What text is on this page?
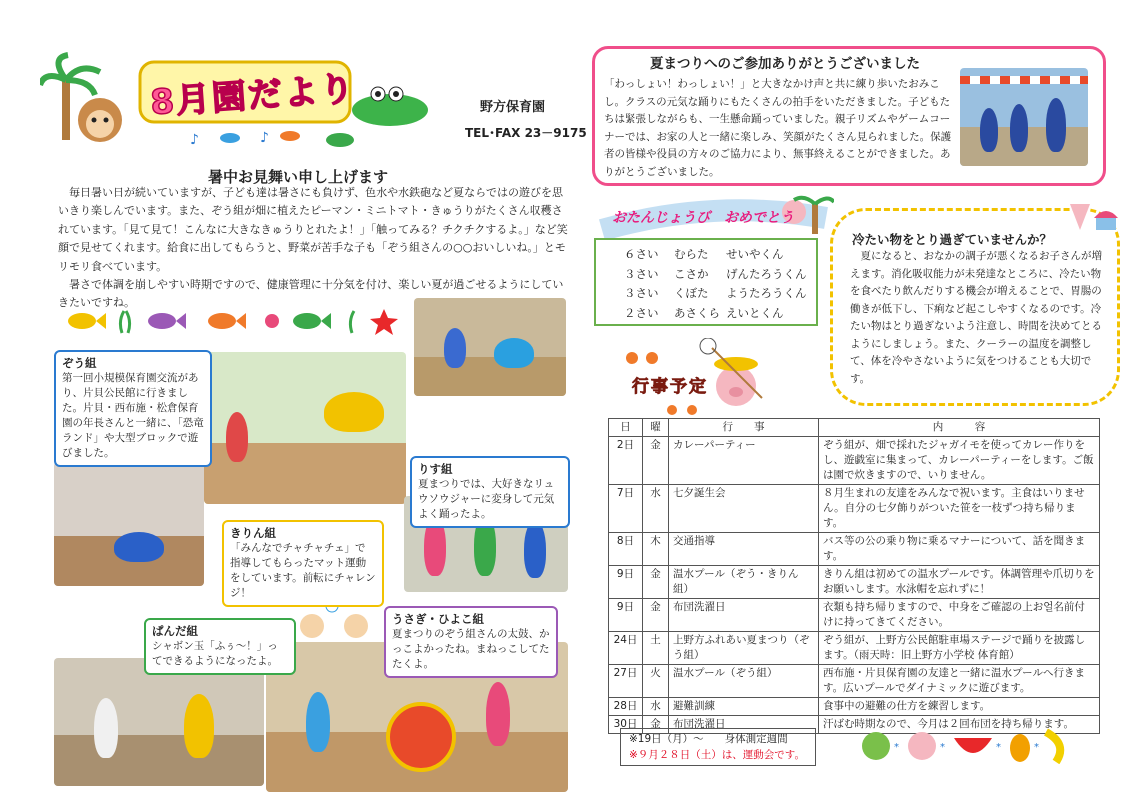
♪
♪
8月園だより	野方保育園
TEL･FAX 23－9175
暑中お見舞い申し上げます

毎日暑い日が続いていますが、子ども達は暑さにも負けず、色水や水鉄砲など夏ならではの遊びを思いきり楽しんでいます。また、ぞう組が畑に植えたピーマン・ミニトマト・きゅうりがたくさん収穫されています。「見て見て！こんなに大きなきゅうりとれたよ！」「触ってみる？チクチクするよ。」など笑顔で見せてくれます。給食に出してもらうと、野菜が苦手な子も「ぞう組さんの○○おいしいね。」とモリモリ食べています。

暑さで体調を崩しやすい時期ですので、健康管理に十分気を付け、楽しい夏が過ごせるようにしていきたいですね。

ぞう組
第一回小規模保育園交流があり、片貝公民館に行きました。片貝・西布施・松倉保育園の年長さんと一緒に、「恐竜ランド」や大型ブロックで遊びました。
りす組
夏まつりでは、大好きなリュウソウジャーに変身して元気よく踊ったよ。
きりん組
「みんなでチャチャチェ」で指導してもらったマット運動をしています。前転にチャレンジ！
ぱんだ組
シャボン玉「ふぅ～！」ってできるようになったよ。
うさぎ・ひよこ組
夏まつりのぞう組さんの太鼓、かっこよかったね。まねっこしてたたくよ。
夏まつりへのご参加ありがとうございました
「わっしょい！わっしょい！」と大きなかけ声と共に練り歩いたおみこし。クラスの元気な踊りにもたくさんの拍手をいただきました。子どもたちは緊張しながらも、一生懸命踊っていました。親子リズムやゲームコーナーでは、お家の人と一緒に楽しみ、笑顔がたくさん見られました。保護者の皆様や役員の方々のご協力により、無事終えることができました。ありがとうございました。
おたんじょうび　おめでとう
６さい	むらた	せいやくん
３さい	こさか	げんたろうくん
３さい	くぼた	ようたろうくん
２さい	あさくら えいとくん
行事予定
冷たい物をとり過ぎていませんか？

夏になると、おなかの調子が悪くなるお子さんが増えます。消化吸収能力が未発達なところに、冷たい物を食べたり飲んだりする機会が増えることで、胃腸の働きが低下し、下痢など起こしやすくなるのです。冷たい物はとり過ぎないよう注意し、時間を決めてとるようにしましょう。また、クーラーの温度を調整して、体を冷やさないように気をつけることも大切です。

日	曜	行　　事	内　　　容
2日	金	カレーパーティー	ぞう組が、畑で採れたジャガイモを使ってカレー作りをし、遊戯室に集まって、カレーパーティーをします。ご飯は園で炊きますので、いりません。
7日	水	七夕誕生会	８月生まれの友達をみんなで祝います。主食はいりません。自分の七夕飾りがついた笹を一枝ずつ持ち帰ります。
8日	木	交通指導	バス等の公の乗り物に乗るマナーについて、話を聞きます。
9日	金	温水プール（ぞう・きりん組）	きりん組は初めての温水プールです。体調管理や爪切りをお願いします。水泳帽を忘れずに！
9日	金	布団洗濯日	衣類も持ち帰りますので、中身をご確認の上お얼名前付けに持ってきてください。
24日	土	上野方ふれあい夏まつり（ぞう組）	ぞう組が、上野方公民館駐車場ステージで踊りを披露します。（雨天時：旧上野方小学校 体育館）
27日	火	温水プール（ぞう組）	西布施・片貝保育園の友達と一緒に温水プールへ行きます。広いプールでダイナミックに遊びます。
28日	水	避難訓練	食事中の避難の仕方を練習します。
30日	金	布団洗濯日	汗ばむ時期なので、今月は２回布団を持ち帰ります。
※19日（月）～　　身体測定週間
※９月２８日（土）は、運動会です。
*	*	*	*
